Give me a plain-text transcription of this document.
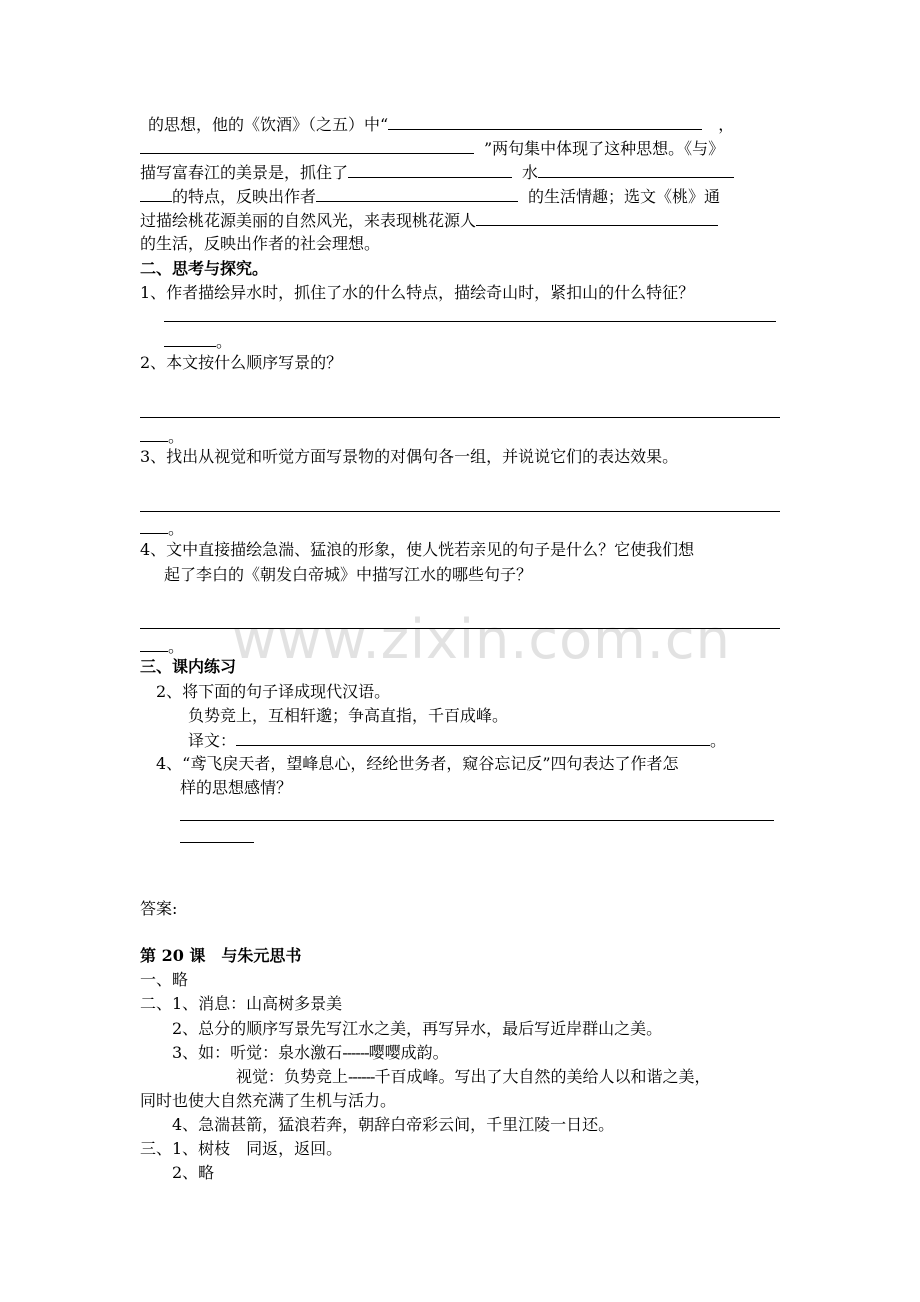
www.zixin.com.cn
的思想，他的《饮酒》（之五）中“	，
”两句集中体现了这种思想。《与》
描写富春江的美景是，抓住了	水
的特点，反映出作者	的生活情趣；选文《桃》通
过描绘桃花源美丽的自然风光，来表现桃花源人
的生活，反映出作者的社会理想。
二、思考与探究。
1、作者描绘异水时，抓住了水的什么特点，描绘奇山时，紧扣山的什么特征？
。
2、本文按什么顺序写景的？
。
3、找出从视觉和听觉方面写景物的对偶句各一组，并说说它们的表达效果。
。
4、文中直接描绘急湍、猛浪的形象，使人恍若亲见的句子是什么？它使我们想
起了李白的《朝发白帝城》中描写江水的哪些句子？
。
三、课内练习
2、将下面的句子译成现代汉语。
负势竞上，互相轩邈；争高直指，千百成峰。
译文：	。
4、“鸢飞戾天者，望峰息心，经纶世务者，窥谷忘记反”四句表达了作者怎
样的思想感情？
答案:
第 20 课　与朱元思书
一、略
二、1、消息：山高树多景美
2、总分的顺序写景先写江水之美，再写异水，最后写近岸群山之美。
3、如：听觉：泉水激石------嘤嘤成韵。
视觉：负势竞上------千百成峰。写出了大自然的美给人以和谐之美，
同时也使大自然充满了生机与活力。
4、急湍甚箭，猛浪若奔，朝辞白帝彩云间，千里江陵一日还。
三、1、树枝　同返，返回。
2、略
